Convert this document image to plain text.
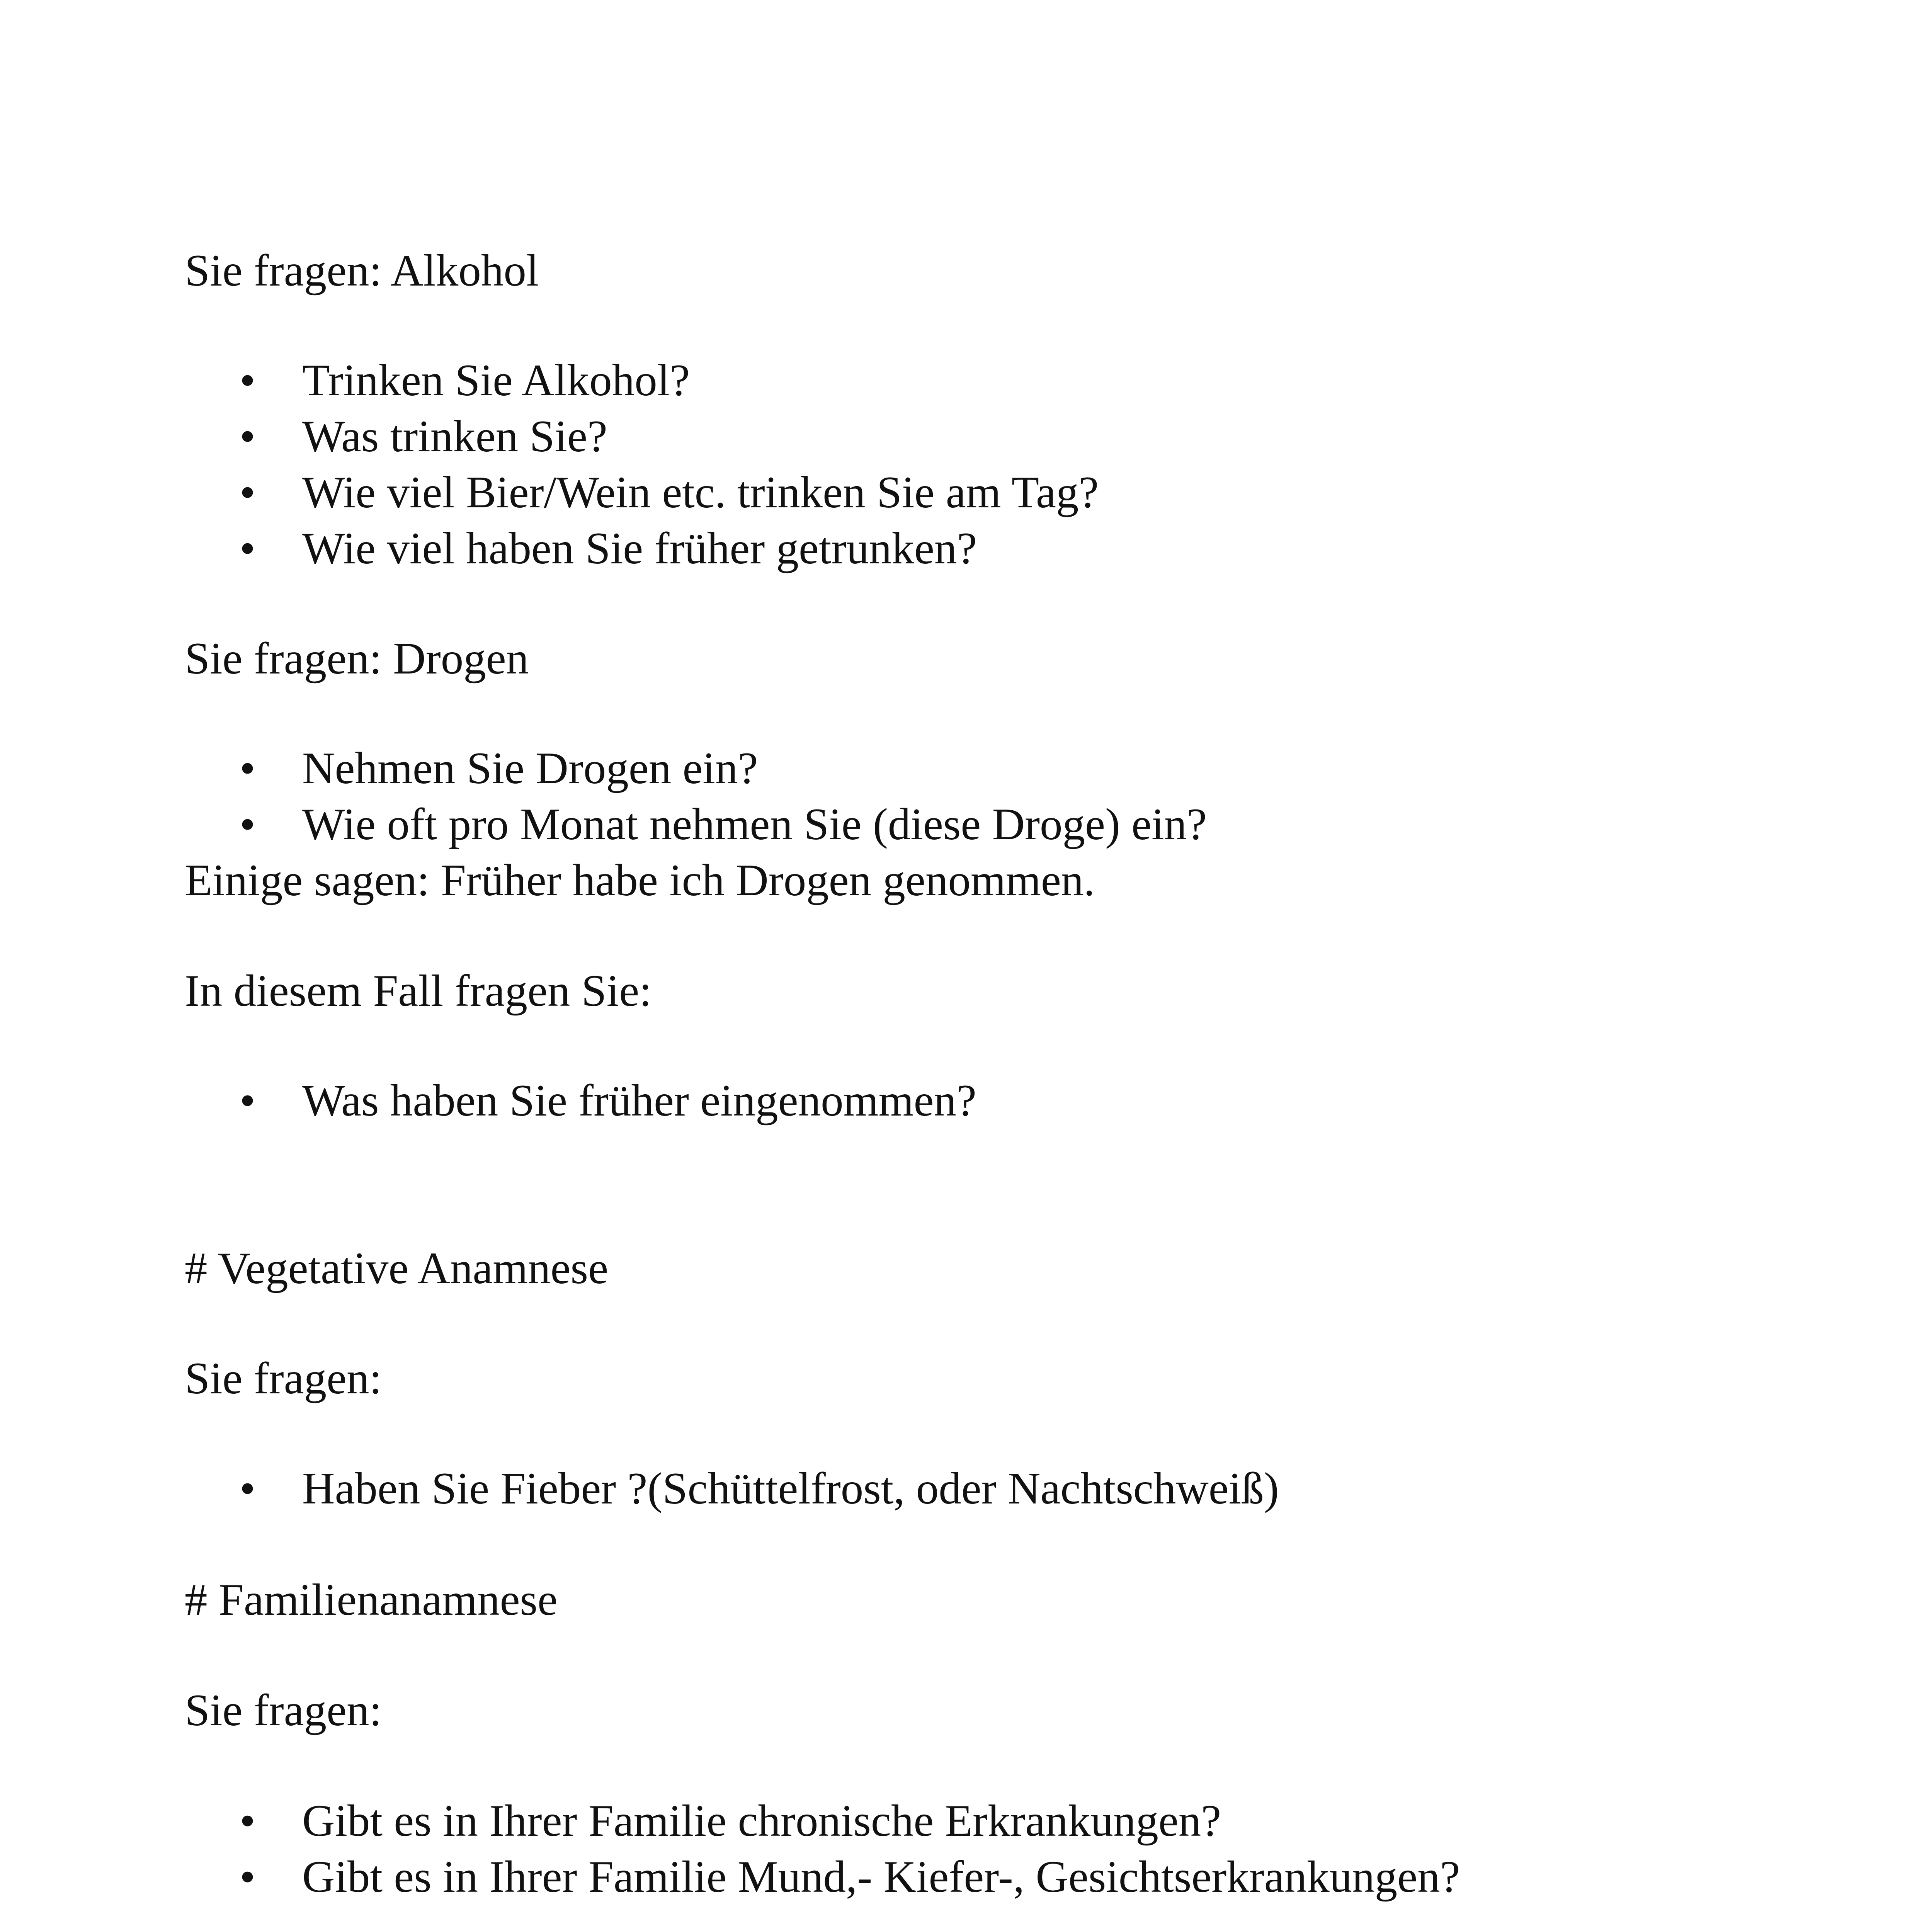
Sie fragen: Alkohol
• Trinken Sie Alkohol?
• Was trinken Sie?
• Wie viel Bier/Wein etc. trinken Sie am Tag?
• Wie viel haben Sie früher getrunken?
Sie fragen: Drogen
• Nehmen Sie Drogen ein?
• Wie oft pro Monat nehmen Sie (diese Droge) ein?
Einige sagen: Früher habe ich Drogen genommen.
In diesem Fall fragen Sie:
• Was haben Sie früher eingenommen?
# Vegetative Anamnese
Sie fragen:
• Haben Sie Fieber ?(Schüttelfrost, oder Nachtschweiß)
# Familienanamnese
Sie fragen:
• Gibt es in Ihrer Familie chronische Erkrankungen?
• Gibt es in Ihrer Familie Mund,- Kiefer-, Gesichtserkrankungen?
